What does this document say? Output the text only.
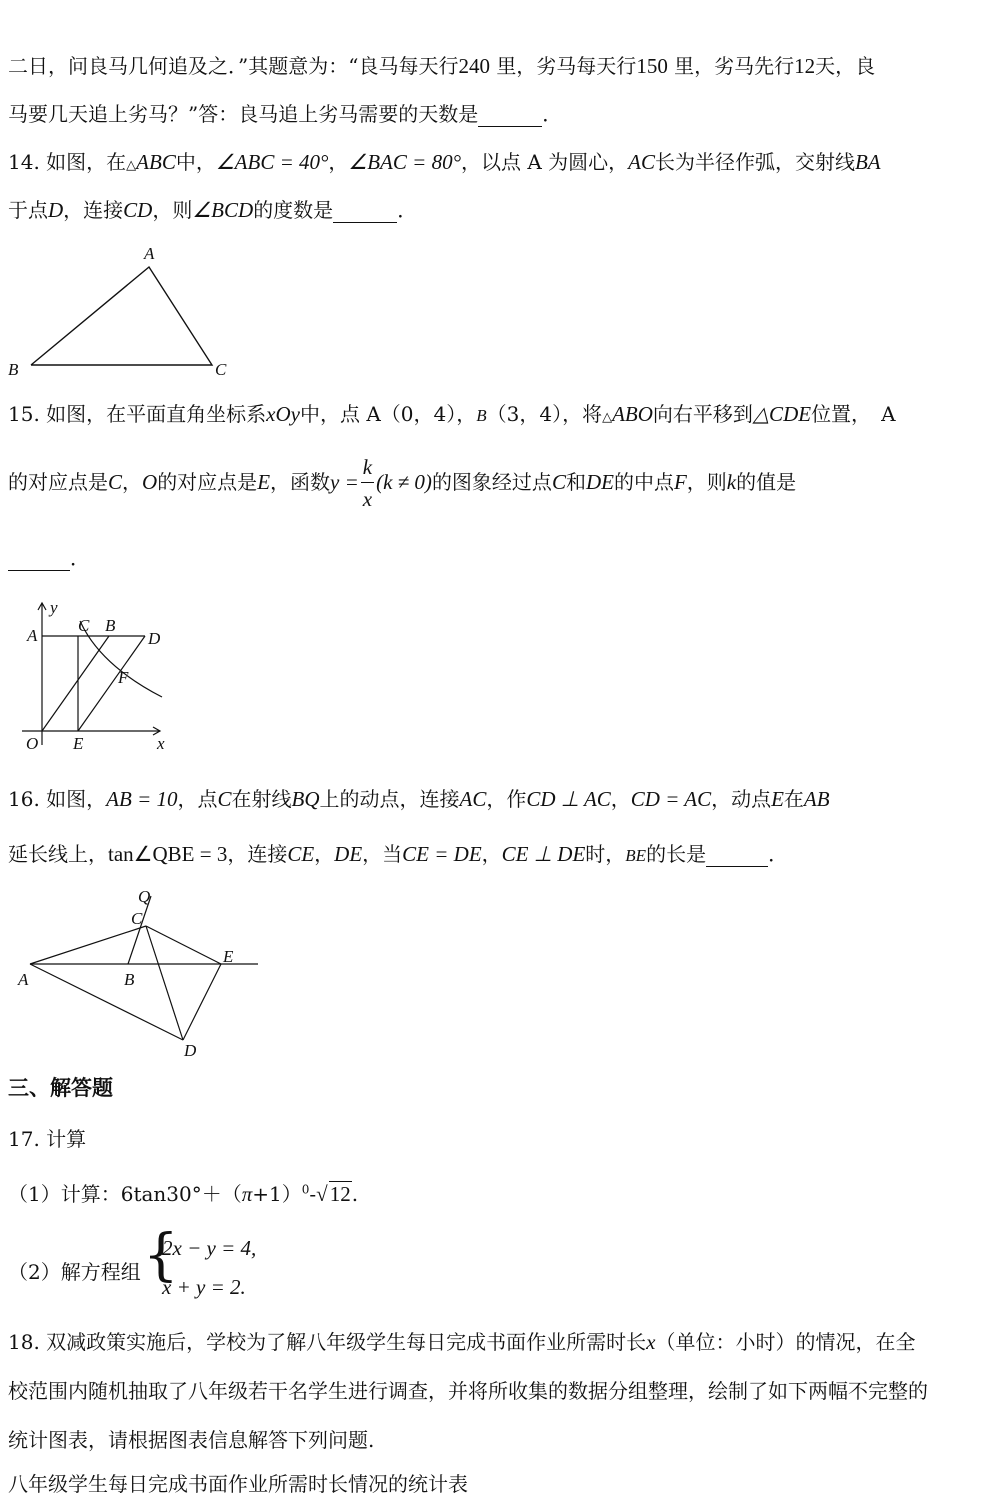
二日，问良马几何追及之．”其题意为：“良马每天行240 里，劣马每天行150 里，劣马先行12天，良
马要几天追上劣马？”答：良马追上劣马需要的天数是	．
14. 如图，在△ABC中，∠ABC = 40°，∠BAC = 80°，以点 A 为圆心，AC长为半径作弧，交射线BA
于点D，连接CD，则∠BCD的度数是	．
A
B	C
15. 如图，在平面直角坐标系xOy中，点 A（0，4），B（3，4），将△ABO向右平移到△CDE位置， A
的对应点是C，O的对应点是E，函数$y = \frac{k}{x} (k \ne 0)$的图象经过点C和DE的中点F，则k的值是
．
y
A
C B
D
F
O E	x
16. 如图，AB = 10，点C在射线BQ上的动点，连接AC，作CD ⊥ AC，CD = AC，动点E在AB
延长线上，tan∠QBE = 3，连接CE，DE，当CE = DE，CE ⊥ DE时，BE的长是	．
Q
C
A	B
E
D
三、解答题
17. 计算
（1）计算：$6\tan 30^\circ+(\pi+1)^0-√12$.
（2）解方程组 {
2x − y = 4,
x + y = 2.
18. 双减政策实施后，学校为了解八年级学生每日完成书面作业所需时长x（单位：小时）的情况，在全
校范围内随机抽取了八年级若干名学生进行调查，并将所收集的数据分组整理，绘制了如下两幅不完整的
统计图表，请根据图表信息解答下列问题.
八年级学生每日完成书面作业所需时长情况的统计表
